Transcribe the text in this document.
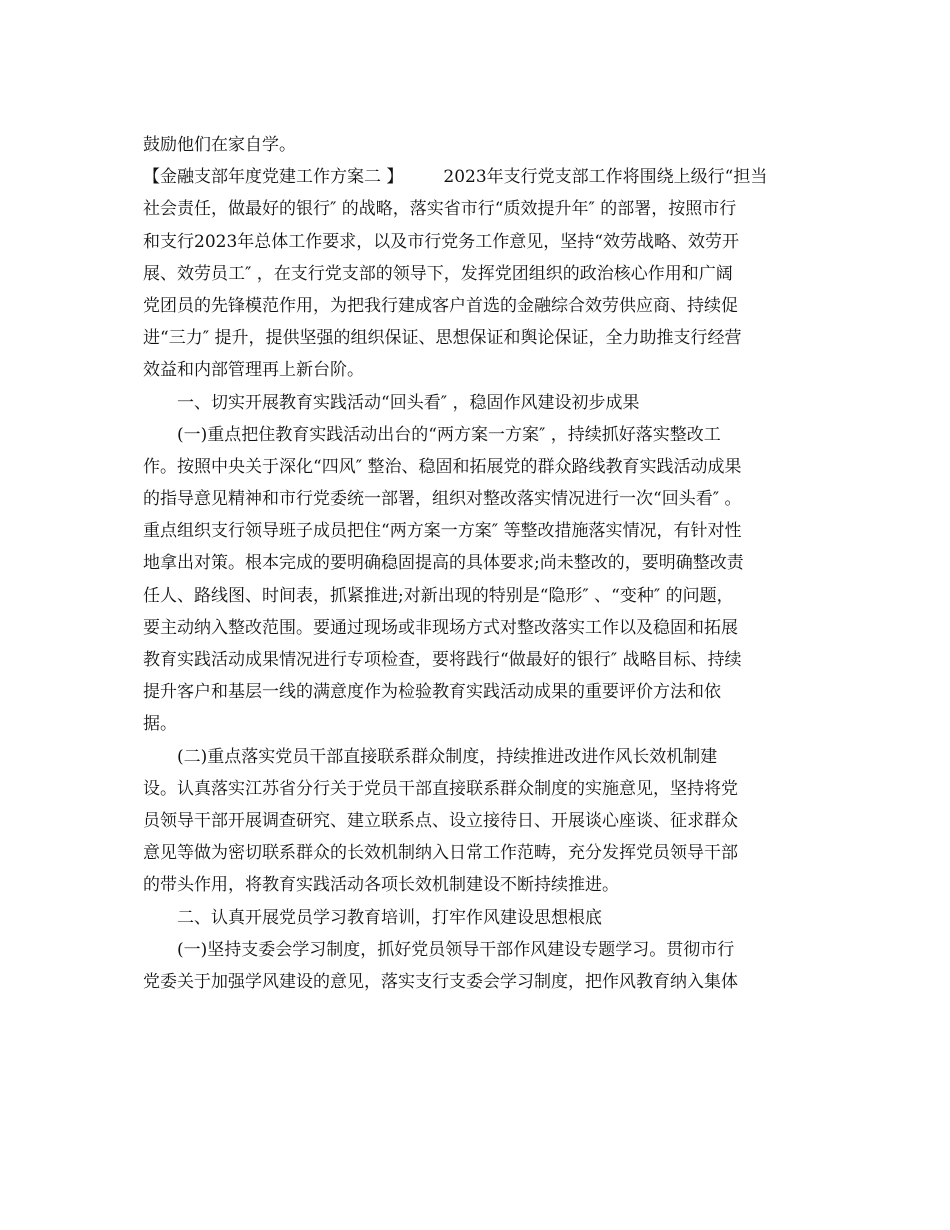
鼓励他们在家自学。
【金融支部年度党建工作方案二 】 2023年支行党支部工作将围绕上级行“担当
社会责任，做最好的银行″ 的战略，落实省市行“质效提升年″ 的部署，按照市行
和支行2023年总体工作要求，以及市行党务工作意见，坚持“效劳战略、效劳开
展、效劳员工″ ，在支行党支部的领导下，发挥党团组织的政治核心作用和广阔
党团员的先锋模范作用，为把我行建成客户首选的金融综合效劳供应商、持续促
进“三力″ 提升，提供坚强的组织保证、思想保证和舆论保证，全力助推支行经营
效益和内部管理再上新台阶。
一、切实开展教育实践活动“回头看″ ，稳固作风建设初步成果
(一)重点把住教育实践活动出台的“两方案一方案″ ，持续抓好落实整改工
作。按照中央关于深化“四风″ 整治、稳固和拓展党的群众路线教育实践活动成果
的指导意见精神和市行党委统一部署，组织对整改落实情况进行一次“回头看″ 。
重点组织支行领导班子成员把住“两方案一方案″ 等整改措施落实情况，有针对性
地拿出对策。根本完成的要明确稳固提高的具体要求;尚未整改的，要明确整改责
任人、路线图、时间表，抓紧推进;对新出现的特别是“隐形″ 、“变种″ 的问题，
要主动纳入整改范围。要通过现场或非现场方式对整改落实工作以及稳固和拓展
教育实践活动成果情况进行专项检查，要将践行“做最好的银行″ 战略目标、持续
提升客户和基层一线的满意度作为检验教育实践活动成果的重要评价方法和依
据。
(二)重点落实党员干部直接联系群众制度，持续推进改进作风长效机制建
设。认真落实江苏省分行关于党员干部直接联系群众制度的实施意见，坚持将党
员领导干部开展调查研究、建立联系点、设立接待日、开展谈心座谈、征求群众
意见等做为密切联系群众的长效机制纳入日常工作范畴，充分发挥党员领导干部
的带头作用，将教育实践活动各项长效机制建设不断持续推进。
二、认真开展党员学习教育培训，打牢作风建设思想根底
(一)坚持支委会学习制度，抓好党员领导干部作风建设专题学习。贯彻市行
党委关于加强学风建设的意见，落实支行支委会学习制度，把作风教育纳入集体
